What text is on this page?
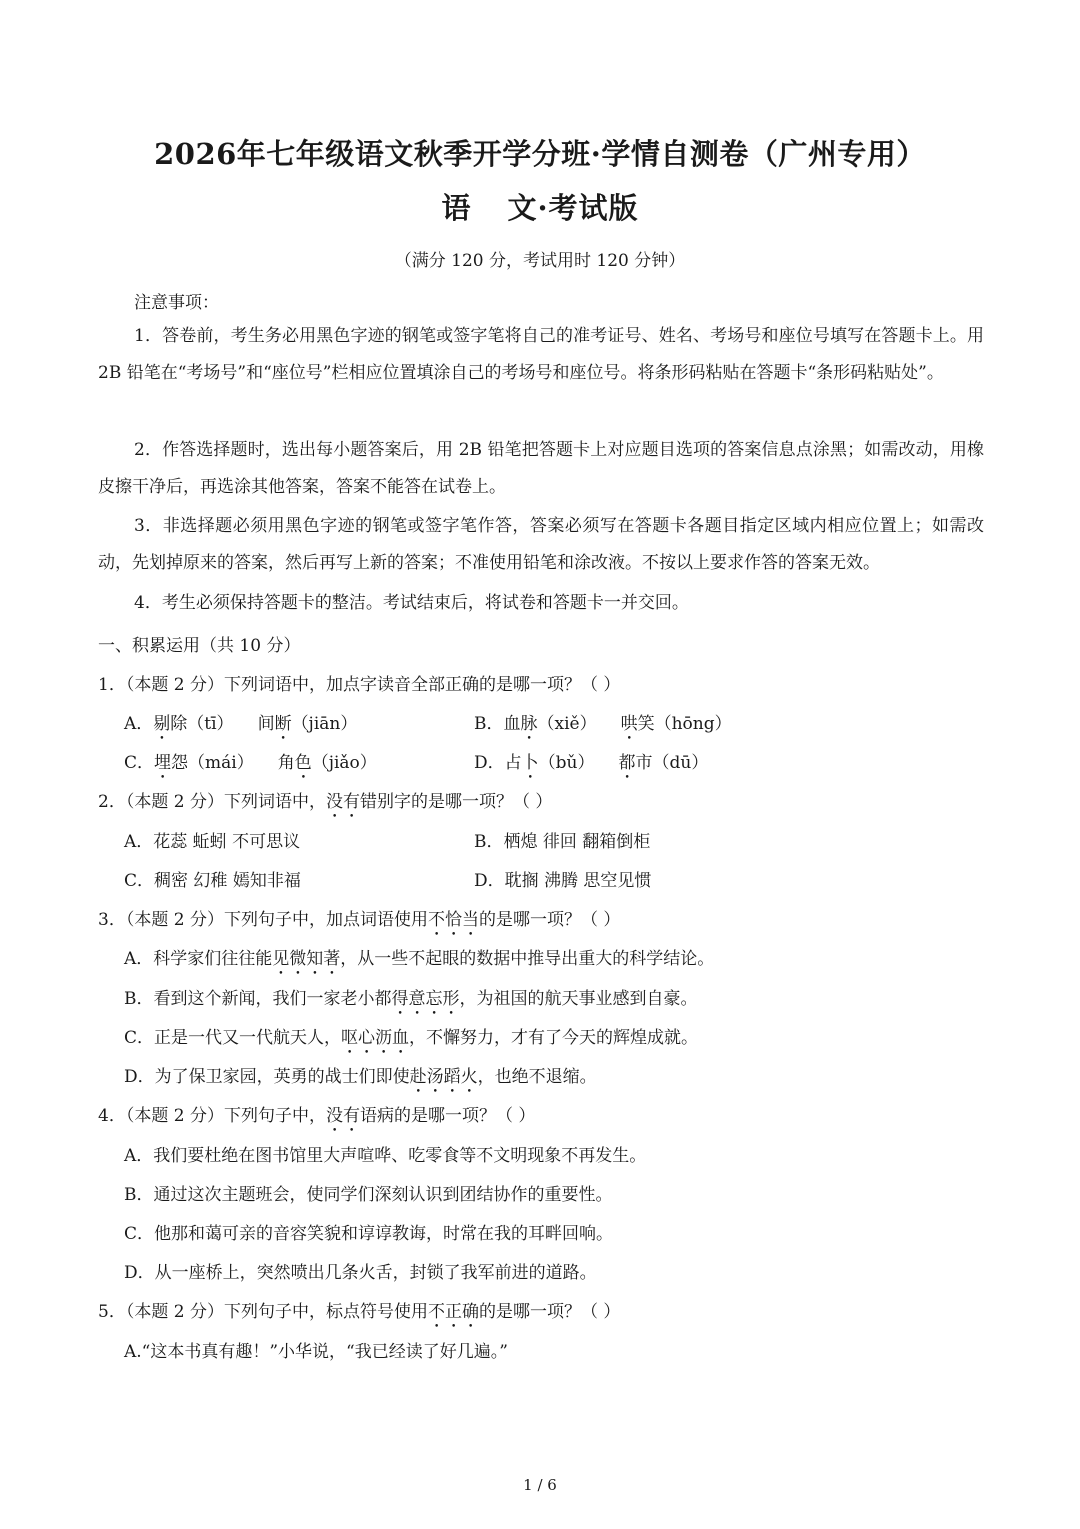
2026年七年级语文秋季开学分班·学情自测卷（广州专用）
语 文·考试版
（满分 120 分，考试用时 120 分钟）
注意事项：
1．答卷前，考生务必用黑色字迹的钢笔或签字笔将自己的准考证号、姓名、考场号和座位号填写在答题卡上。用 2B 铅笔在“考场号”和“座位号”栏相应位置填涂自己的考场号和座位号。将条形码粘贴在答题卡“条形码粘贴处”。
2．作答选择题时，选出每小题答案后，用 2B 铅笔把答题卡上对应题目选项的答案信息点涂黑；如需改动，用橡皮擦干净后，再选涂其他答案，答案不能答在试卷上。
3．非选择题必须用黑色字迹的钢笔或签字笔作答，答案必须写在答题卡各题目指定区域内相应位置上；如需改动，先划掉原来的答案，然后再写上新的答案；不准使用铅笔和涂改液。不按以上要求作答的答案无效。
4．考生必须保持答题卡的整洁。考试结束后，将试卷和答题卡一并交回。
一、积累运用（共 10 分）
1．（本题 2 分）下列词语中，加点字读音全部正确的是哪一项？（ ）
A．剔除（tī） 间断（jiān）	B．血脉（xiě） 哄笑（hōng）
C．埋怨（mái） 角色（jiǎo）	D．占卜（bǔ） 都市（dū）
2．（本题 2 分）下列词语中，没有错别字的是哪一项？（ ）
A．花蕊 蚯蚓 不可思议	B．栖熄 徘回 翻箱倒柜
C．稠密 幻稚 嫣知非福	D．耽搁 沸腾 思空见惯
3．（本题 2 分）下列句子中，加点词语使用不恰当的是哪一项？（ ）
A．科学家们往往能见微知著，从一些不起眼的数据中推导出重大的科学结论。
B．看到这个新闻，我们一家老小都得意忘形，为祖国的航天事业感到自豪。
C．正是一代又一代航天人，呕心沥血，不懈努力，才有了今天的辉煌成就。
D．为了保卫家园，英勇的战士们即使赴汤蹈火，也绝不退缩。
4．（本题 2 分）下列句子中，没有语病的是哪一项？（ ）
A．我们要杜绝在图书馆里大声喧哗、吃零食等不文明现象不再发生。
B．通过这次主题班会，使同学们深刻认识到团结协作的重要性。
C．他那和蔼可亲的音容笑貌和谆谆教诲，时常在我的耳畔回响。
D．从一座桥上，突然喷出几条火舌，封锁了我军前进的道路。
5．（本题 2 分）下列句子中，标点符号使用不正确的是哪一项？（ ）
A.“这本书真有趣！”小华说，“我已经读了好几遍。”
1 / 6
